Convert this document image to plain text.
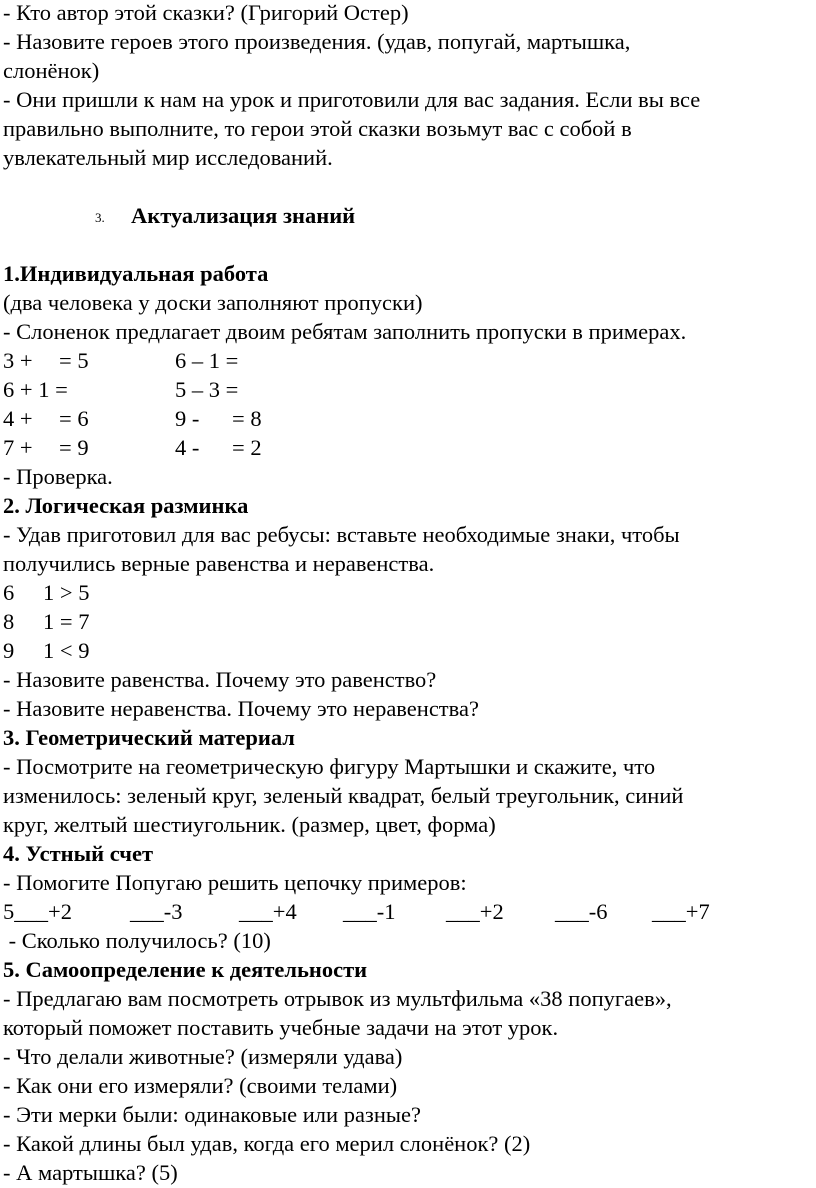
- Кто автор этой сказки? (Григорий Остер)
- Назовите героев этого произведения. (удав, попугай, мартышка,
слонёнок)
- Они пришли к нам на урок и приготовили для вас задания. Если вы все
правильно выполните, то герои этой сказки возьмут вас с собой в
увлекательный мир исследований.
3. Актуализация знаний
1.Индивидуальная работа
(два человека у доски заполняют пропуски)
- Слоненок предлагает двоим ребятам заполнить пропуски в примерах.
3 + = 5	6 – 1 =
6 + 1 =	5 – 3 =
4 + = 6	9 - = 8
7 + = 9	4 - = 2
- Проверка.
2. Логическая разминка
- Удав приготовил для вас ребусы: вставьте необходимые знаки, чтобы
получились верные равенства и неравенства.
6 1 > 5
8 1 = 7
9 1 < 9
- Назовите равенства. Почему это равенство?
- Назовите неравенства. Почему это неравенства?
3. Геометрический материал
- Посмотрите на геометрическую фигуру Мартышки и скажите, что
изменилось: зеленый круг, зеленый квадрат, белый треугольник, синий
круг, желтый шестиугольник. (размер, цвет, форма)
4. Устный счет
- Помогите Попугаю решить цепочку примеров:
5___+2	___-3	___+4 ___-1 ___+2 ___-6 ___+7
- Сколько получилось? (10)
5. Самоопределение к деятельности
- Предлагаю вам посмотреть отрывок из мультфильма «38 попугаев»,
который поможет поставить учебные задачи на этот урок.
- Что делали животные? (измеряли удава)
- Как они его измеряли? (своими телами)
- Эти мерки были: одинаковые или разные?
- Какой длины был удав, когда его мерил слонёнок? (2)
- А мартышка? (5)
